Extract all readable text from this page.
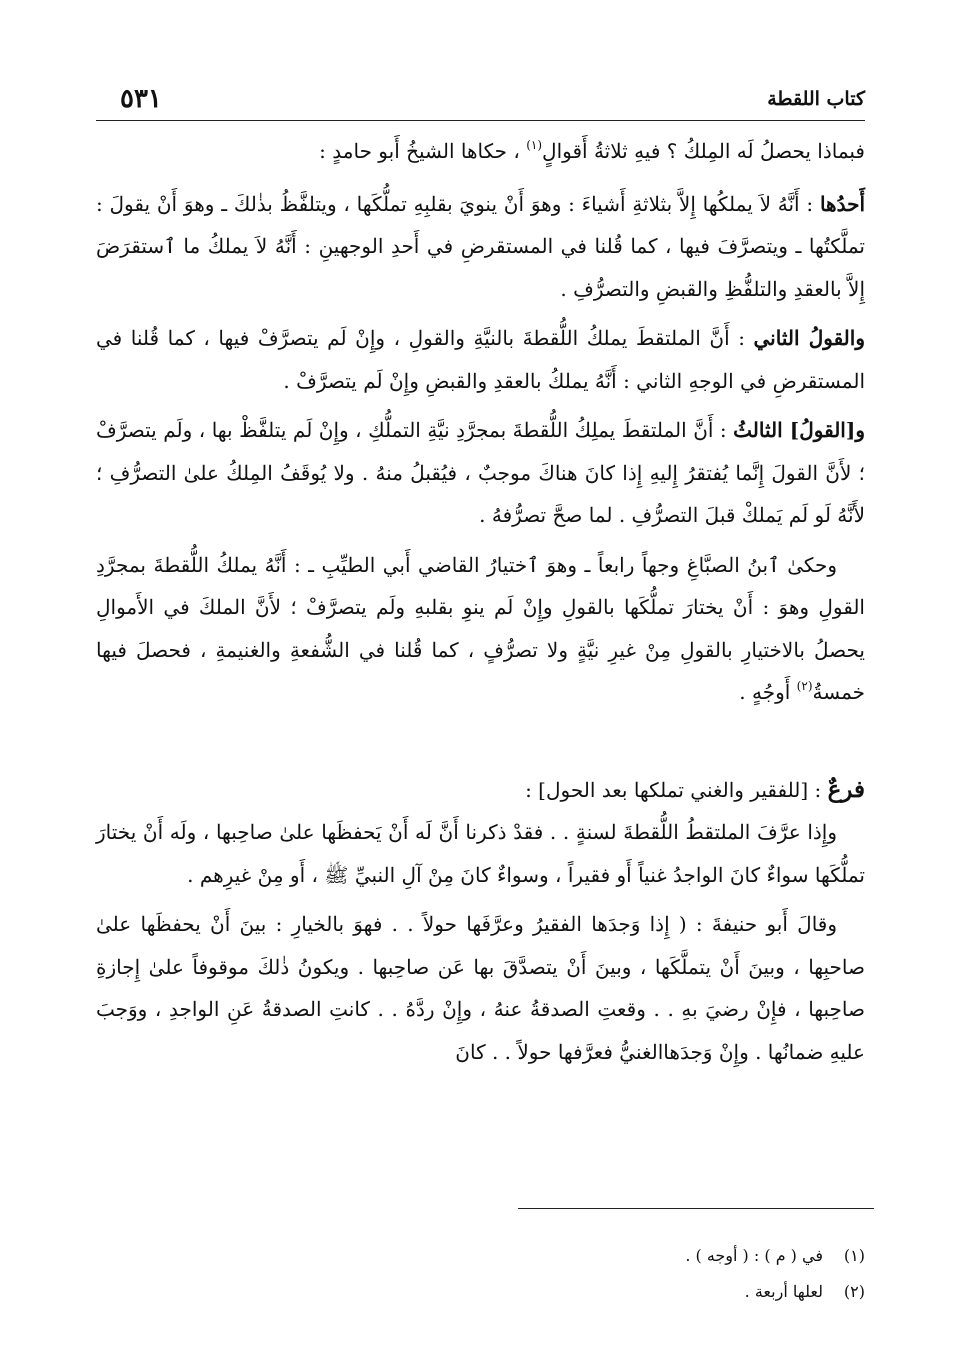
كتاب اللقطة
٥٣١

فبماذا يحصلُ لَه المِلكُ ؟ فيهِ ثلاثةُ أَقوالٍ$^{(١)}$ ، حكاها الشيخُ أَبو حامدٍ :

أَحدُها : أَنَّهُ لاَ يملكُها إِلاَّ بثلاثةِ أَشياءَ : وهوَ أَنْ ينويَ بقلبِهِ تملُّكَها ، ويتلفَّظُ بذٰلكَ ـ وهوَ أَنْ يقولَ : تملَّكتُها ـ ويتصرَّفَ فيها ، كما قُلنا في المستقرضِ في أَحدِ الوجهينِ : أَنَّهُ لاَ يملكُ ما ٱستقرَضَ إِلاَّ بالعقدِ والتلفُّظِ والقبضِ والتصرُّفِ .

والقولُ الثاني : أَنَّ الملتقطَ يملكُ اللُّقطةَ بالنيَّةِ والقولِ ، وإِنْ لَم يتصرَّفْ فيها ، كما قُلنا في المستقرضِ في الوجهِ الثاني : أَنَّهُ يملكُ بالعقدِ والقبضِ وإِنْ لَم يتصرَّفْ .

و[القولُ] الثالثُ : أَنَّ الملتقطَ يملِكُ اللُّقطةَ بمجرَّدِ نيَّةِ التملُّكِ ، وإِنْ لَم يتلفَّظْ بها ، ولَم يتصرَّفْ ؛ لأَنَّ القولَ إِنَّما يُفتقرُ إِليهِ إِذا كانَ هناكَ موجبٌ ، فيُقبلُ منهُ . ولا يُوقَفُ المِلكُ علىٰ التصرُّفِ ؛ لأَنَّهُ لَو لَم يَملكْ قبلَ التصرُّفِ . لما صحَّ تصرُّفهُ .

وحكىٰ ٱبنُ الصبَّاغِ وجهاً رابعاً ـ وهوَ ٱختيارُ القاضي أَبي الطيِّبِ ـ : أَنَّهُ يملكُ اللُّقطةَ بمجرَّدِ القولِ وهوَ : أَنْ يختارَ تملُّكَها بالقولِ وإِنْ لَم ينوِ بقلبهِ ولَم يتصرَّفْ ؛ لأَنَّ الملكَ في الأَموالِ يحصلُ بالاختيارِ بالقولِ مِنْ غيرِ نيَّةٍ ولا تصرُّفٍ ، كما قُلنا في الشُّفعةِ والغنيمةِ ، فحصلَ فيها خمسةُ$^{(٢)}$ أَوجُهٍ .

فرعٌ : [للفقير والغني تملكها بعد الحول] :

وإِذا عرَّفَ الملتقطُ اللُّقطةَ لسنةٍ . . فقدْ ذكرنا أَنَّ لَه أَنْ يَحفظَها علىٰ صاحِبها ، ولَه أَنْ يختارَ تملُّكَها سواءٌ كانَ الواجدُ غنياً أَو فقيراً ، وسواءٌ كانَ مِنْ آلِ النبيِّ ﷺ ، أَو مِنْ غيرِهم .

وقالَ أَبو حنيفةَ : ( إِذا وَجدَها الفقيرُ وعرَّفَها حولاً . . فهوَ بالخيارِ : بينَ أَنْ يحفظَها علىٰ صاحبِها ، وبينَ أَنْ يتملَّكَها ، وبينَ أَنْ يتصدَّقَ بها عَن صاحِبها . ويكونُ ذٰلكَ موقوفاً علىٰ إِجازةِ صاحِبها ، فإِنْ رضيَ بهِ . . وقعتِ الصدقةُ عنهُ ، وإِنْ ردَّهُ . . كانتِ الصدقةُ عَنِ الواجدِ ، ووَجبَ عليهِ ضمانُها . وإِنْ وَجدَهاالغنيُّ فعرَّفها حولاً . . كانَ

(١)
في ( م ) : ( أوجه ) .
(٢)
لعلها أربعة .
